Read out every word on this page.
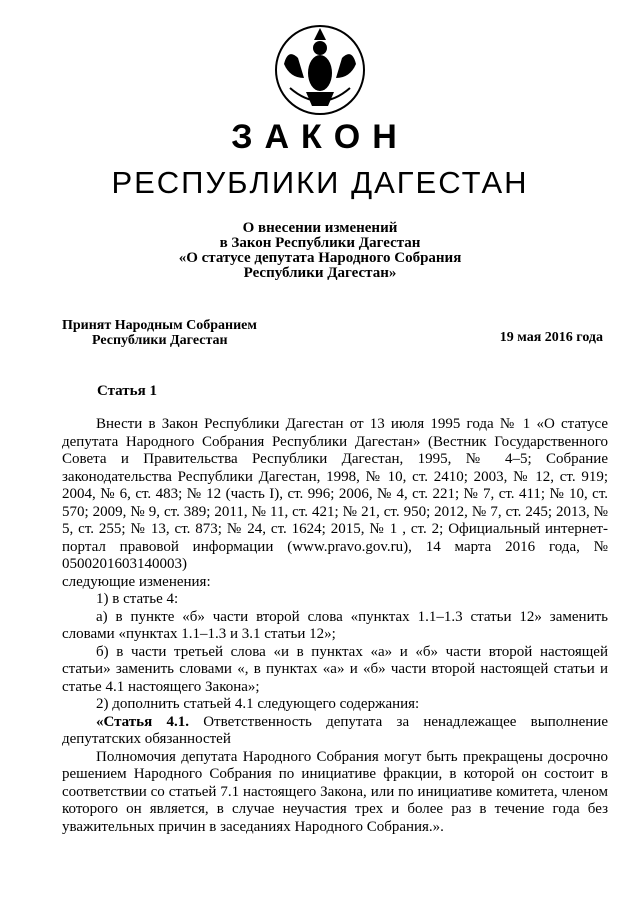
ЗАКОН
РЕСПУБЛИКИ ДАГЕСТАН
О внесении изменений
в Закон Республики Дагестан
«О статусе депутата Народного Собрания
Республики Дагестан»
Принят Народным Собранием
Республики Дагестан	19 мая 2016 года
Статья 1

Внести в Закон Республики Дагестан от 13 июля 1995 года № 1 «О статусе депутата Народного Собрания Республики Дагестан» (Вестник Государственного Совета и Правительства Республики Дагестан, 1995, № 4–5; Собрание законодательства Республики Дагестан, 1998, № 10, ст. 2410; 2003, № 12, ст. 919; 2004, № 6, ст. 483; № 12 (часть I), ст. 996; 2006, № 4, ст. 221; № 7, ст. 411; № 10, ст. 570; 2009, № 9, ст. 389; 2011, № 11, ст. 421; № 21, ст. 950; 2012, № 7, ст. 245; 2013, № 5, ст. 255; № 13, ст. 873; № 24, ст. 1624; 2015, № 1 , ст. 2; Официальный интернет-портал правовой информации (www.pravo.gov.ru), 14 марта 2016 года, № 0500201603140003)

следующие изменения:

1) в статье 4:

а) в пункте «б» части второй слова «пунктах 1.1–1.3 статьи 12» заменить словами «пунктах 1.1–1.3 и 3.1 статьи 12»;

б) в части третьей слова «и в пунктах «а» и «б» части второй настоящей статьи» заменить словами «, в пунктах «а» и «б» части второй настоящей статьи и статье 4.1 настоящего Закона»;

2) дополнить статьей 4.1 следующего содержания:

«Статья 4.1. Ответственность депутата за ненадлежащее выполнение депутатских обязанностей

Полномочия депутата Народного Собрания могут быть прекращены досрочно решением Народного Собрания по инициативе фракции, в которой он состоит в соответствии со статьей 7.1 настоящего Закона, или по инициативе комитета, членом которого он является, в случае неучастия трех и более раз в течение года без уважительных причин в заседаниях Народного Собрания.».
